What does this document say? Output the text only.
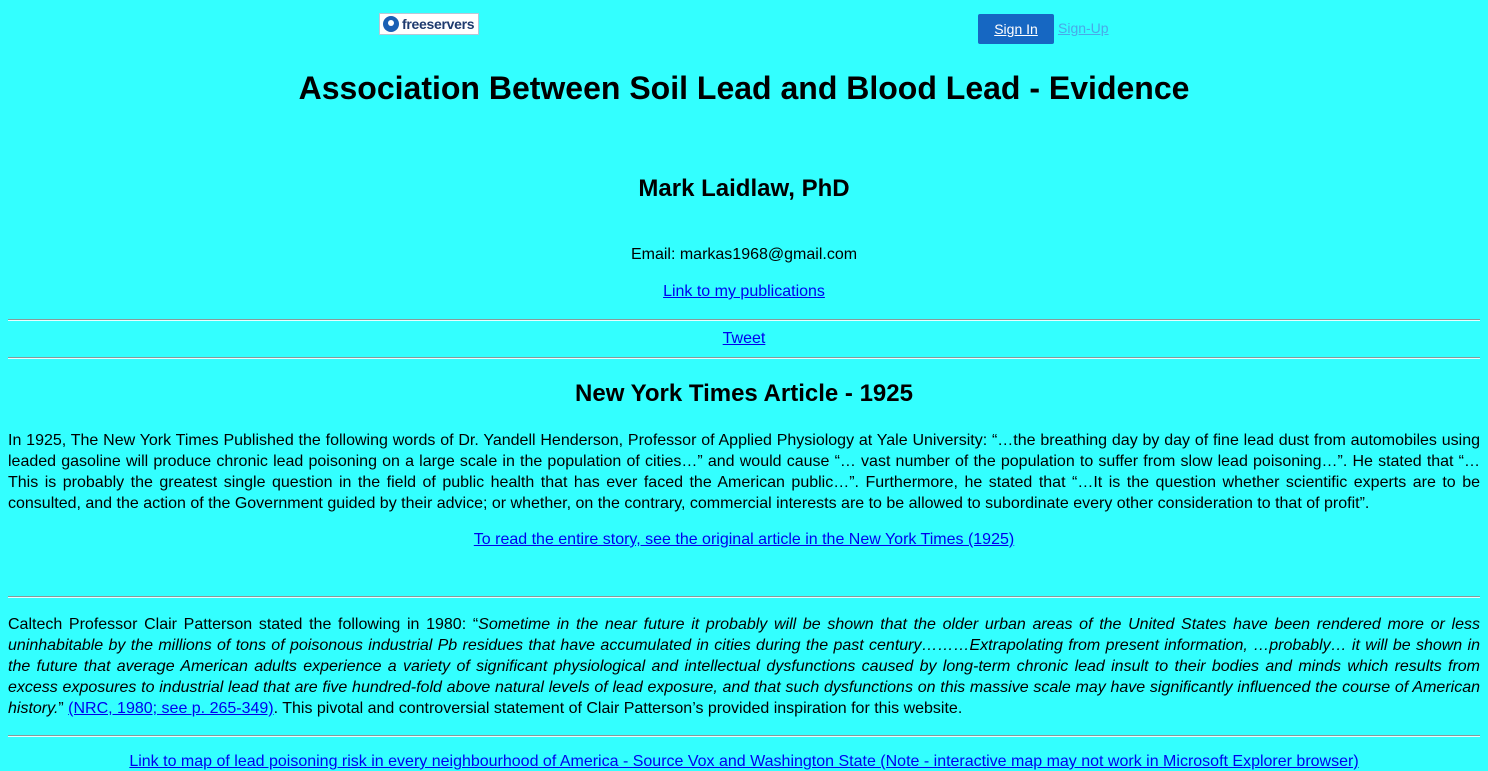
freeservers	Sign In	Sign-Up
Association Between Soil Lead and Blood Lead - Evidence
Mark Laidlaw, PhD
Email: markas1968@gmail.com
Link to my publications
Tweet
New York Times Article - 1925

In 1925, The New York Times Published the following words of Dr. Yandell Henderson, Professor of Applied Physiology at Yale University: “…the breathing day by day of fine lead dust from automobiles using leaded gasoline will produce chronic lead poisoning on a large scale in the population of cities…” and would cause “… vast number of the population to suffer from slow lead poisoning…”. He stated that “… This is probably the greatest single question in the field of public health that has ever faced the American public…”. Furthermore, he stated that “…It is the question whether scientific experts are to be consulted, and the action of the Government guided by their advice; or whether, on the contrary, commercial interests are to be allowed to subordinate every other consideration to that of profit”.

To read the entire story, see the original article in the New York Times (1925)

Caltech Professor Clair Patterson stated the following in 1980: “Sometime in the near future it probably will be shown that the older urban areas of the United States have been rendered more or less uninhabitable by the millions of tons of poisonous industrial Pb residues that have accumulated in cities during the past century………Extrapolating from present information, …probably… it will be shown in the future that average American adults experience a variety of significant physiological and intellectual dysfunctions caused by long-term chronic lead insult to their bodies and minds which results from excess exposures to industrial lead that are five hundred-fold above natural levels of lead exposure, and that such dysfunctions on this massive scale may have significantly influenced the course of American history.” (NRC, 1980; see p. 265-349). This pivotal and controversial statement of Clair Patterson’s provided inspiration for this website.

Link to map of lead poisoning risk in every neighbourhood of America - Source Vox and Washington State (Note - interactive map may not work in Microsoft Explorer browser)
